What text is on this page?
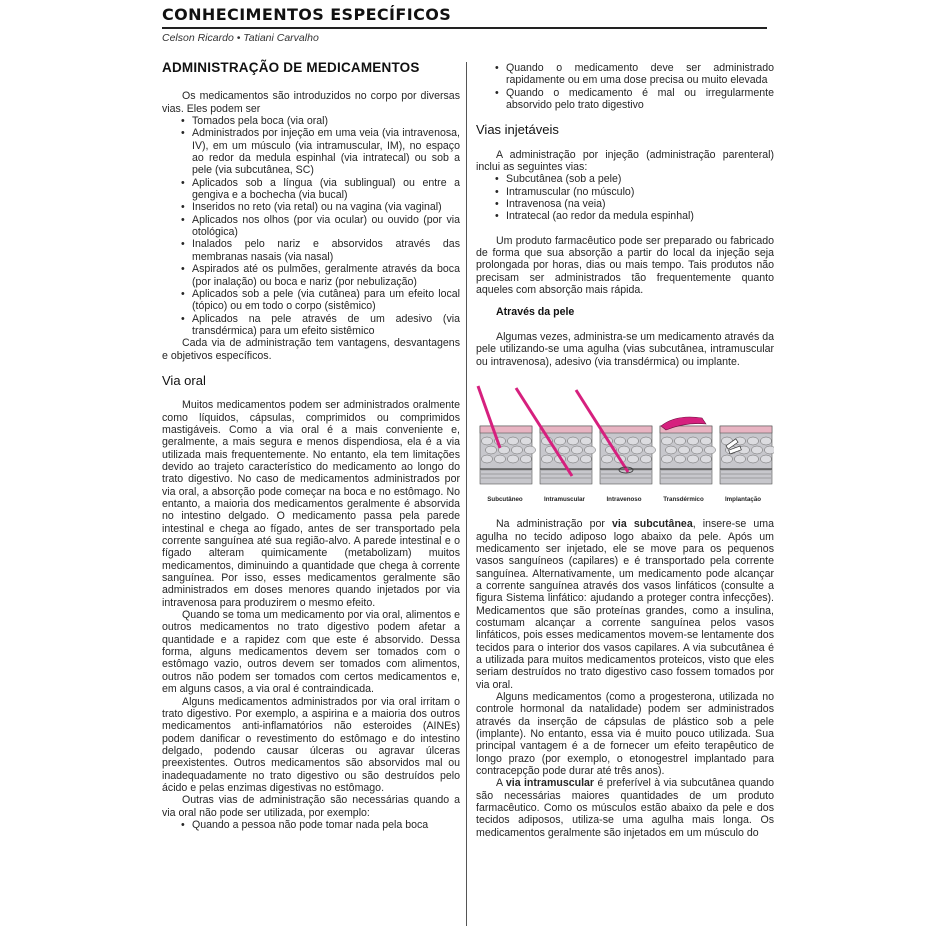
CONHECIMENTOS ESPECÍFICOS
Celson Ricardo • Tatiani Carvalho
ADMINISTRAÇÃO DE MEDICAMENTOS

Os medicamentos são introduzidos no corpo por diversas vias. Eles podem ser

• Tomados pela boca (via oral)
• Administrados por injeção em uma veia (via intravenosa, IV), em um músculo (via intramuscular, IM), no espaço ao redor da medula espinhal (via intratecal) ou sob a pele (via subcutânea, SC)
• Aplicados sob a língua (via sublingual) ou entre a gengiva e a bochecha (via bucal)
• Inseridos no reto (via retal) ou na vagina (via vaginal)
• Aplicados nos olhos (por via ocular) ou ouvido (por via otológica)
• Inalados pelo nariz e absorvidos através das membranas nasais (via nasal)
• Aspirados até os pulmões, geralmente através da boca (por inalação) ou boca e nariz (por nebulização)
• Aplicados sob a pele (via cutânea) para um efeito local (tópico) ou em todo o corpo (sistêmico)
• Aplicados na pele através de um adesivo (via transdérmica) para um efeito sistêmico

Cada via de administração tem vantagens, desvantagens e objetivos específicos.

Via oral

Muitos medicamentos podem ser administrados oralmente como líquidos, cápsulas, comprimidos ou comprimidos mastigáveis. Como a via oral é a mais conveniente e, geralmente, a mais segura e menos dispendiosa, ela é a via utilizada mais frequentemente. No entanto, ela tem limitações devido ao trajeto característico do medicamento ao longo do trato digestivo. No caso de medicamentos administrados por via oral, a absorção pode começar na boca e no estômago. No entanto, a maioria dos medicamentos geralmente é absorvida no intestino delgado. O medicamento passa pela parede intestinal e chega ao fígado, antes de ser transportado pela corrente sanguínea até sua região-alvo. A parede intestinal e o fígado alteram quimicamente (metabolizam) muitos medicamentos, diminuindo a quantidade que chega à corrente sanguínea. Por isso, esses medicamentos geralmente são administrados em doses menores quando injetados por via intravenosa para produzirem o mesmo efeito.

Quando se toma um medicamento por via oral, alimentos e outros medicamentos no trato digestivo podem afetar a quantidade e a rapidez com que este é absorvido. Dessa forma, alguns medicamentos devem ser tomados com o estômago vazio, outros devem ser tomados com alimentos, outros não podem ser tomados com certos medicamentos e, em alguns casos, a via oral é contraindicada.

Alguns medicamentos administrados por via oral irritam o trato digestivo. Por exemplo, a aspirina e a maioria dos outros medicamentos anti-inflamatórios não esteroides (AINEs) podem danificar o revestimento do estômago e do intestino delgado, podendo causar úlceras ou agravar úlceras preexistentes. Outros medicamentos são absorvidos mal ou inadequadamente no trato digestivo ou são destruídos pelo ácido e pelas enzimas digestivas no estômago.

Outras vias de administração são necessárias quando a via oral não pode ser utilizada, por exemplo:

• Quando a pessoa não pode tomar nada pela boca
• Quando o medicamento deve ser administrado rapidamente ou em uma dose precisa ou muito elevada
• Quando o medicamento é mal ou irregularmente absorvido pelo trato digestivo
Vias injetáveis

A administração por injeção (administração parenteral) inclui as seguintes vias:

• Subcutânea (sob a pele)
• Intramuscular (no músculo)
• Intravenosa (na veia)
• Intratecal (ao redor da medula espinhal)

Um produto farmacêutico pode ser preparado ou fabricado de forma que sua absorção a partir do local da injeção seja prolongada por horas, dias ou mais tempo. Tais produtos não precisam ser administrados tão frequentemente quanto aqueles com absorção mais rápida.

Através da pele

Algumas vezes, administra-se um medicamento através da pele utilizando-se uma agulha (vias subcutânea, intramuscular ou intravenosa), adesivo (via transdérmica) ou implante.

Subcutâneo	Intramuscular	Intravenoso	Transdérmico	Implantação

Na administração por via subcutânea, insere-se uma agulha no tecido adiposo logo abaixo da pele. Após um medicamento ser injetado, ele se move para os pequenos vasos sanguíneos (capilares) e é transportado pela corrente sanguínea. Alternativamente, um medicamento pode alcançar a corrente sanguínea através dos vasos linfáticos (consulte a figura Sistema linfático: ajudando a proteger contra infecções). Medicamentos que são proteínas grandes, como a insulina, costumam alcançar a corrente sanguínea pelos vasos linfáticos, pois esses medicamentos movem-se lentamente dos tecidos para o interior dos vasos capilares. A via subcutânea é a utilizada para muitos medicamentos proteicos, visto que eles seriam destruídos no trato digestivo caso fossem tomados por via oral.

Alguns medicamentos (como a progesterona, utilizada no controle hormonal da natalidade) podem ser administrados através da inserção de cápsulas de plástico sob a pele (implante). No entanto, essa via é muito pouco utilizada. Sua principal vantagem é a de fornecer um efeito terapêutico de longo prazo (por exemplo, o etonogestrel implantado para contracepção pode durar até três anos).

A via intramuscular é preferível à via subcutânea quando são necessárias maiores quantidades de um produto farmacêutico. Como os músculos estão abaixo da pele e dos tecidos adiposos, utiliza-se uma agulha mais longa. Os medicamentos geralmente são injetados em um músculo do
